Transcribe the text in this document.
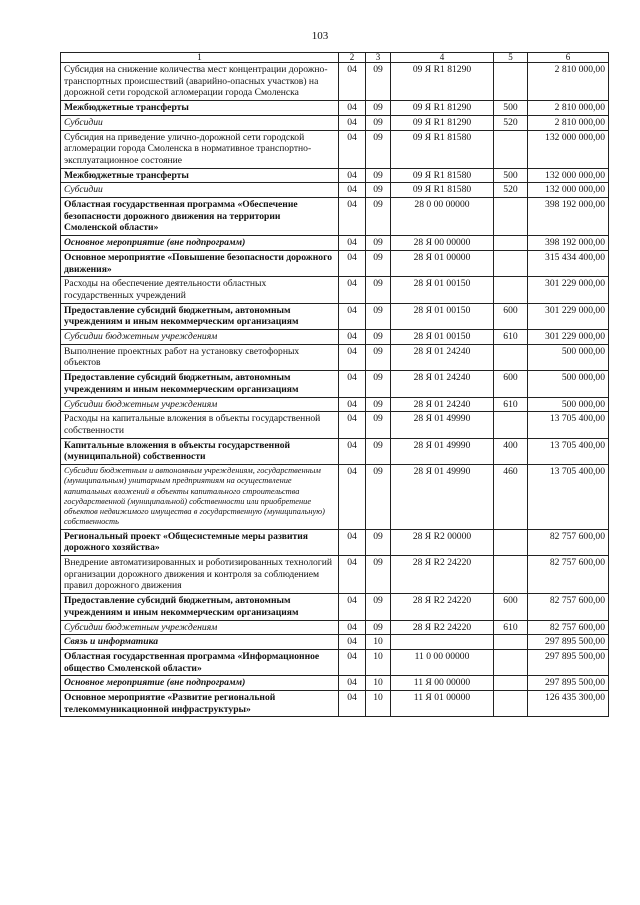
103
1	2	3	4	5	6
Субсидия на снижение количества мест концентрации дорожно-транспортных происшествий (аварийно-опасных участков) на дорожной сети городской агломерации города Смоленска	04	09	09 Я R1 81290		2 810 000,00
Межбюджетные трансферты	04	09	09 Я R1 81290	500	2 810 000,00
Субсидии	04	09	09 Я R1 81290	520	2 810 000,00
Субсидия на приведение улично-дорожной сети городской агломерации города Смоленска в нормативное транспортно-эксплуатационное состояние	04	09	09 Я R1 81580		132 000 000,00
Межбюджетные трансферты	04	09	09 Я R1 81580	500	132 000 000,00
Субсидии	04	09	09 Я R1 81580	520	132 000 000,00
Областная государственная программа «Обеспечение безопасности дорожного движения на территории Смоленской области»	04	09	28 0 00 00000		398 192 000,00
Основное мероприятие (вне подпрограмм)	04	09	28 Я 00 00000		398 192 000,00
Основное мероприятие «Повышение безопасности дорожного движения»	04	09	28 Я 01 00000		315 434 400,00
Расходы на обеспечение деятельности областных государственных учреждений	04	09	28 Я 01 00150		301 229 000,00
Предоставление субсидий бюджетным, автономным учреждениям и иным некоммерческим организациям	04	09	28 Я 01 00150	600	301 229 000,00
Субсидии бюджетным учреждениям	04	09	28 Я 01 00150	610	301 229 000,00
Выполнение проектных работ на установку светофорных объектов	04	09	28 Я 01 24240		500 000,00
Предоставление субсидий бюджетным, автономным учреждениям и иным некоммерческим организациям	04	09	28 Я 01 24240	600	500 000,00
Субсидии бюджетным учреждениям	04	09	28 Я 01 24240	610	500 000,00
Расходы на капитальные вложения в объекты государственной собственности	04	09	28 Я 01 49990		13 705 400,00
Капитальные вложения в объекты государственной (муниципальной) собственности	04	09	28 Я 01 49990	400	13 705 400,00
Субсидии бюджетным и автономным учреждениям, государственным (муниципальным) унитарным предприятиям на осуществление капитальных вложений в объекты капитального строительства государственной (муниципальной) собственности или приобретение объектов недвижимого имущества в государственную (муниципальную) собственность	04	09	28 Я 01 49990	460	13 705 400,00
Региональный проект «Общесистемные меры развития дорожного хозяйства»	04	09	28 Я R2 00000		82 757 600,00
Внедрение автоматизированных и роботизированных технологий организации дорожного движения и контроля за соблюдением правил дорожного движения	04	09	28 Я R2 24220		82 757 600,00
Предоставление субсидий бюджетным, автономным учреждениям и иным некоммерческим организациям	04	09	28 Я R2 24220	600	82 757 600,00
Субсидии бюджетным учреждениям	04	09	28 Я R2 24220	610	82 757 600,00
Связь и информатика	04	10			297 895 500,00
Областная государственная программа «Информационное общество Смоленской области»	04	10	11 0 00 00000		297 895 500,00
Основное мероприятие (вне подпрограмм)	04	10	11 Я 00 00000		297 895 500,00
Основное мероприятие «Развитие региональной телекоммуникационной инфраструктуры»	04	10	11 Я 01 00000		126 435 300,00
